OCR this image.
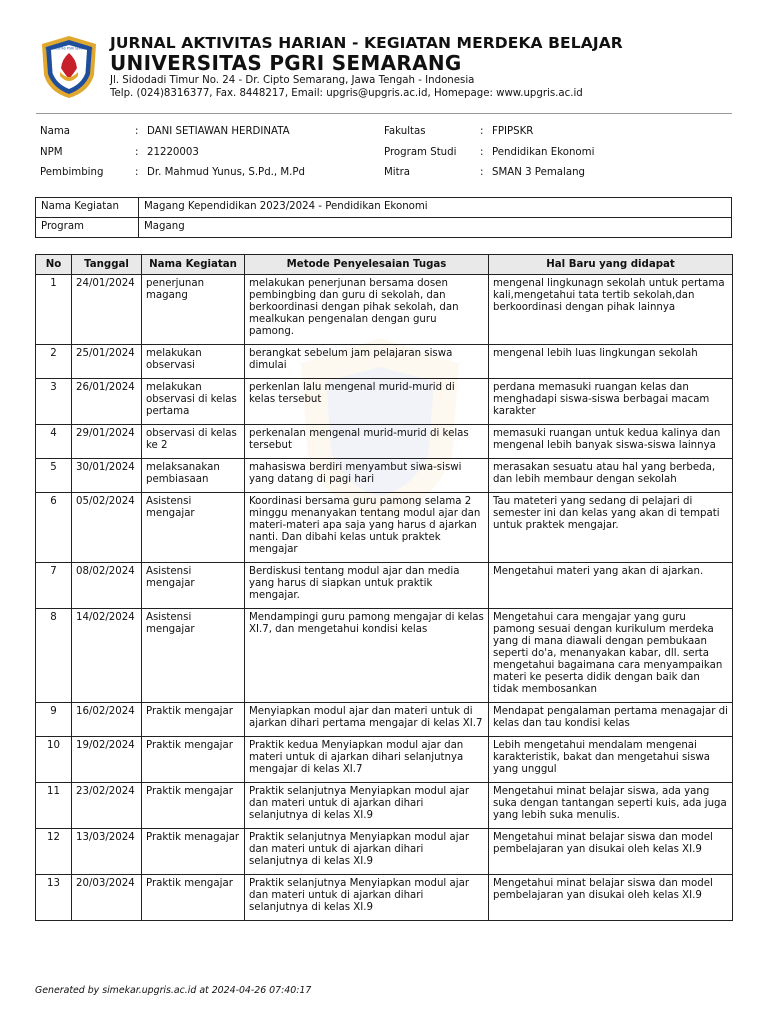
UNIVERSITAS PGRI SEMARANG JURNAL AKTIVITAS HARIAN - KEGIATAN MERDEKA BELAJAR
UNIVERSITAS PGRI SEMARANG
Jl. Sidodadi Timur No. 24 - Dr. Cipto Semarang, Jawa Tengah - Indonesia
Telp. (024)8316377, Fax. 8448217, Email: upgris@upgris.ac.id, Homepage: www.upgris.ac.id
Nama	: DANI SETIAWAN HERDINATA
NPM	: 21220003
Pembimbing	: Dr. Mahmud Yunus, S.Pd., M.Pd
Fakultas	: FPIPSKR
Program Studi : Pendidikan Ekonomi
Mitra	: SMAN 3 Pemalang
Nama Kegiatan	Magang Kependidikan 2023/2024 - Pendidikan Ekonomi
Program	Magang
No	Tanggal	Nama Kegiatan	Metode Penyelesaian Tugas	Hal Baru yang didapat
1	24/01/2024	penerjunan magang	melakukan penerjunan bersama dosen pembingbing dan guru di sekolah, dan berkoordinasi dengan pihak sekolah, dan mealkukan pengenalan dengan guru pamong.	mengenal lingkunagn sekolah untuk pertama kali,mengetahui tata tertib sekolah,dan berkoordinasi dengan pihak lainnya
2	25/01/2024	melakukan observasi	berangkat sebelum jam pelajaran siswa dimulai	mengenal lebih luas lingkungan sekolah
3	26/01/2024	melakukan observasi di kelas pertama	perkenlan lalu mengenal murid-murid di kelas tersebut	perdana memasuki ruangan kelas dan menghadapi siswa-siswa berbagai macam karakter
4	29/01/2024	observasi di kelas ke 2	perkenalan mengenal murid-murid di kelas tersebut	memasuki ruangan untuk kedua kalinya dan mengenal lebih banyak siswa-siswa lainnya
5	30/01/2024	melaksanakan pembiasaan	mahasiswa berdiri menyambut siwa-siswi yang datang di pagi hari	merasakan sesuatu atau hal yang berbeda, dan lebih membaur dengan sekolah
6	05/02/2024	Asistensi mengajar	Koordinasi bersama guru pamong selama 2 minggu menanyakan tentang modul ajar dan materi-materi apa saja yang harus d ajarkan nanti. Dan dibahi kelas untuk praktek mengajar	Tau mateteri yang sedang di pelajari di semester ini dan kelas yang akan di tempati untuk praktek mengajar.
7	08/02/2024	Asistensi mengajar	Berdiskusi tentang modul ajar dan media yang harus di siapkan untuk praktik mengajar.	Mengetahui materi yang akan di ajarkan.
8	14/02/2024	Asistensi mengajar	Mendampingi guru pamong mengajar di kelas XI.7, dan mengetahui kondisi kelas	Mengetahui cara mengajar yang guru pamong sesuai dengan kurikulum merdeka yang di mana diawali dengan pembukaan seperti do'a, menanyakan kabar, dll. serta mengetahui bagaimana cara menyampaikan materi ke peserta didik dengan baik dan tidak membosankan
9	16/02/2024	Praktik mengajar	Menyiapkan modul ajar dan materi untuk di ajarkan dihari pertama mengajar di kelas XI.7	Mendapat pengalaman pertama menagajar di kelas dan tau kondisi kelas
10	19/02/2024	Praktik mengajar	Praktik kedua Menyiapkan modul ajar dan materi untuk di ajarkan dihari selanjutnya mengajar di kelas XI.7	Lebih mengetahui mendalam mengenai karakteristik, bakat dan mengetahui siswa yang unggul
11	23/02/2024	Praktik mengajar	Praktik selanjutnya Menyiapkan modul ajar dan materi untuk di ajarkan dihari selanjutnya di kelas XI.9	Mengetahui minat belajar siswa, ada yang suka dengan tantangan seperti kuis, ada juga yang lebih suka menulis.
12	13/03/2024	Praktik menagajar	Praktik selanjutnya Menyiapkan modul ajar dan materi untuk di ajarkan dihari selanjutnya di kelas XI.9	Mengetahui minat belajar siswa dan model pembelajaran yan disukai oleh kelas XI.9
13	20/03/2024	Praktik mengajar	Praktik selanjutnya Menyiapkan modul ajar dan materi untuk di ajarkan dihari selanjutnya di kelas XI.9	Mengetahui minat belajar siswa dan model pembelajaran yan disukai oleh kelas XI.9
Generated by simekar.upgris.ac.id at 2024-04-26 07:40:17
